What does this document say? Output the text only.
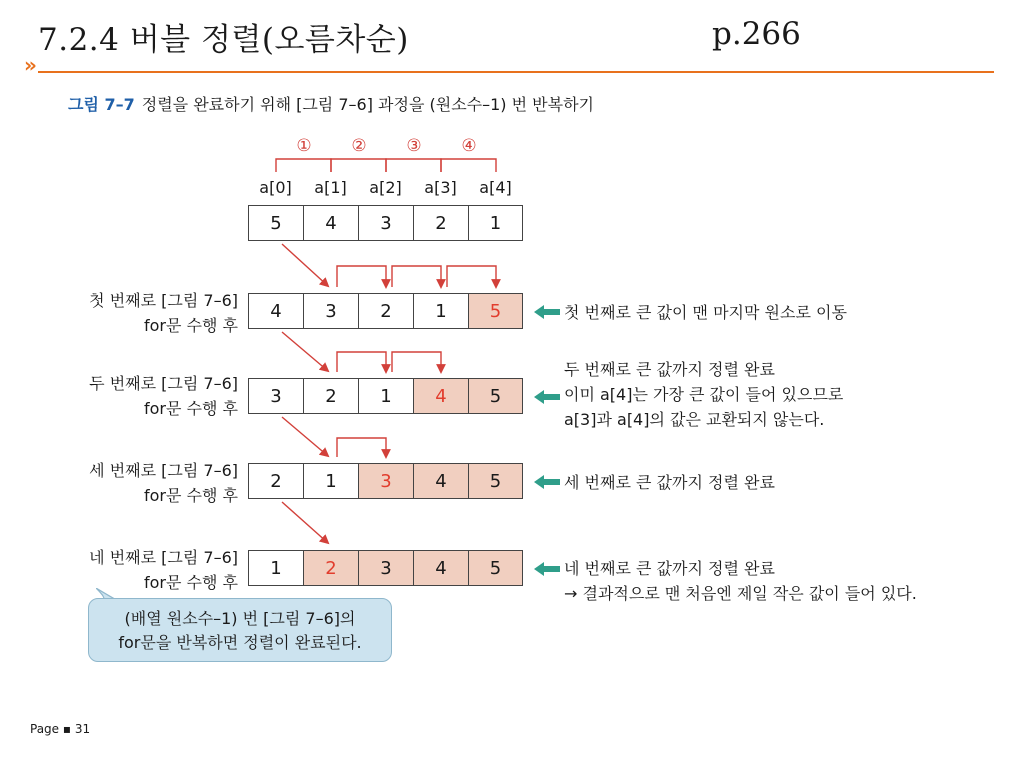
7.2.4 버블 정렬(오름차순)	p.266
»
그림 7–7 정렬을 완료하기 위해 [그림 7–6] 과정을 (원소수–1) 번 반복하기
a[0]	a[1]	a[2]	a[3]	a[4]
①	②	③	④
5	4	3	2	1
첫 번째로 [그림 7–6]
for문 수행 후
4	3	2	1	5	첫 번째로 큰 값이 맨 마지막 원소로 이동
두 번째로 [그림 7–6]
for문 수행 후
3	2	1	4	5
두 번째로 큰 값까지 정렬 완료
이미 a[4]는 가장 큰 값이 들어 있으므로
a[3]과 a[4]의 값은 교환되지 않는다.
세 번째로 [그림 7–6]
for문 수행 후
2	1	3	4	5	세 번째로 큰 값까지 정렬 완료
네 번째로 [그림 7–6]
for문 수행 후
1	2	3	4	5	네 번째로 큰 값까지 정렬 완료
→ 결과적으로 맨 처음엔 제일 작은 값이 들어 있다.
(배열 원소수–1) 번 [그림 7–6]의
for문을 반복하면 정렬이 완료된다.
Page ▪ 31
